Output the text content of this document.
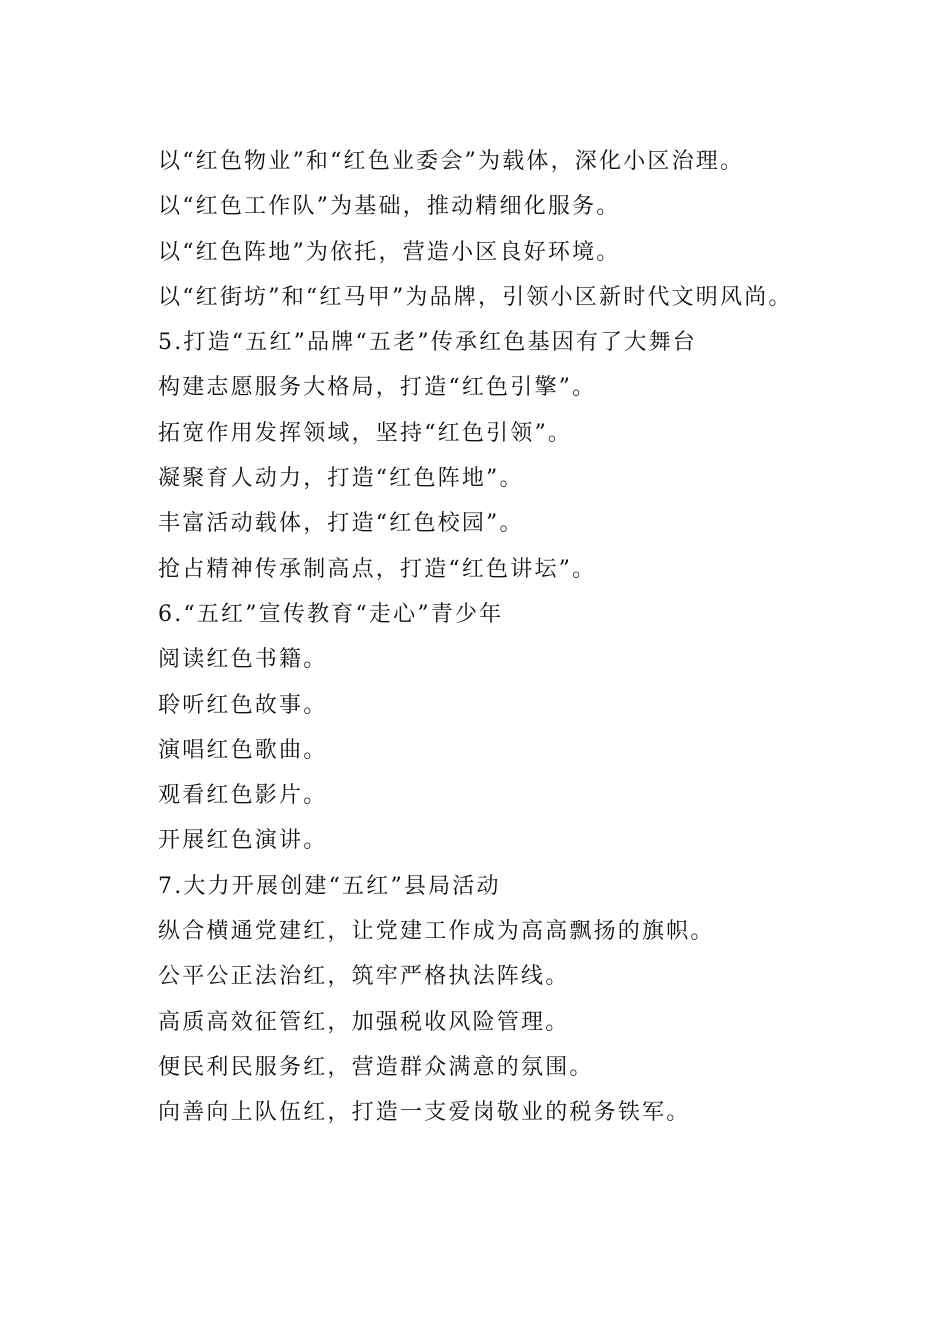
以“红色物业”和“红色业委会”为载体，深化小区治理。

以“红色工作队”为基础，推动精细化服务。

以“红色阵地”为依托，营造小区良好环境。

以“红街坊”和“红马甲”为品牌，引领小区新时代文明风尚。

5.打造“五红”品牌“五老”传承红色基因有了大舞台

构建志愿服务大格局，打造“红色引擎”。

拓宽作用发挥领域，坚持“红色引领”。

凝聚育人动力，打造“红色阵地”。

丰富活动载体，打造“红色校园”。

抢占精神传承制高点，打造“红色讲坛”。

6.“五红”宣传教育“走心”青少年

阅读红色书籍。

聆听红色故事。

演唱红色歌曲。

观看红色影片。

开展红色演讲。

7.大力开展创建“五红”县局活动

纵合横通党建红，让党建工作成为高高飘扬的旗帜。

公平公正法治红，筑牢严格执法阵线。

高质高效征管红，加强税收风险管理。

便民利民服务红，营造群众满意的氛围。

向善向上队伍红，打造一支爱岗敬业的税务铁军。
